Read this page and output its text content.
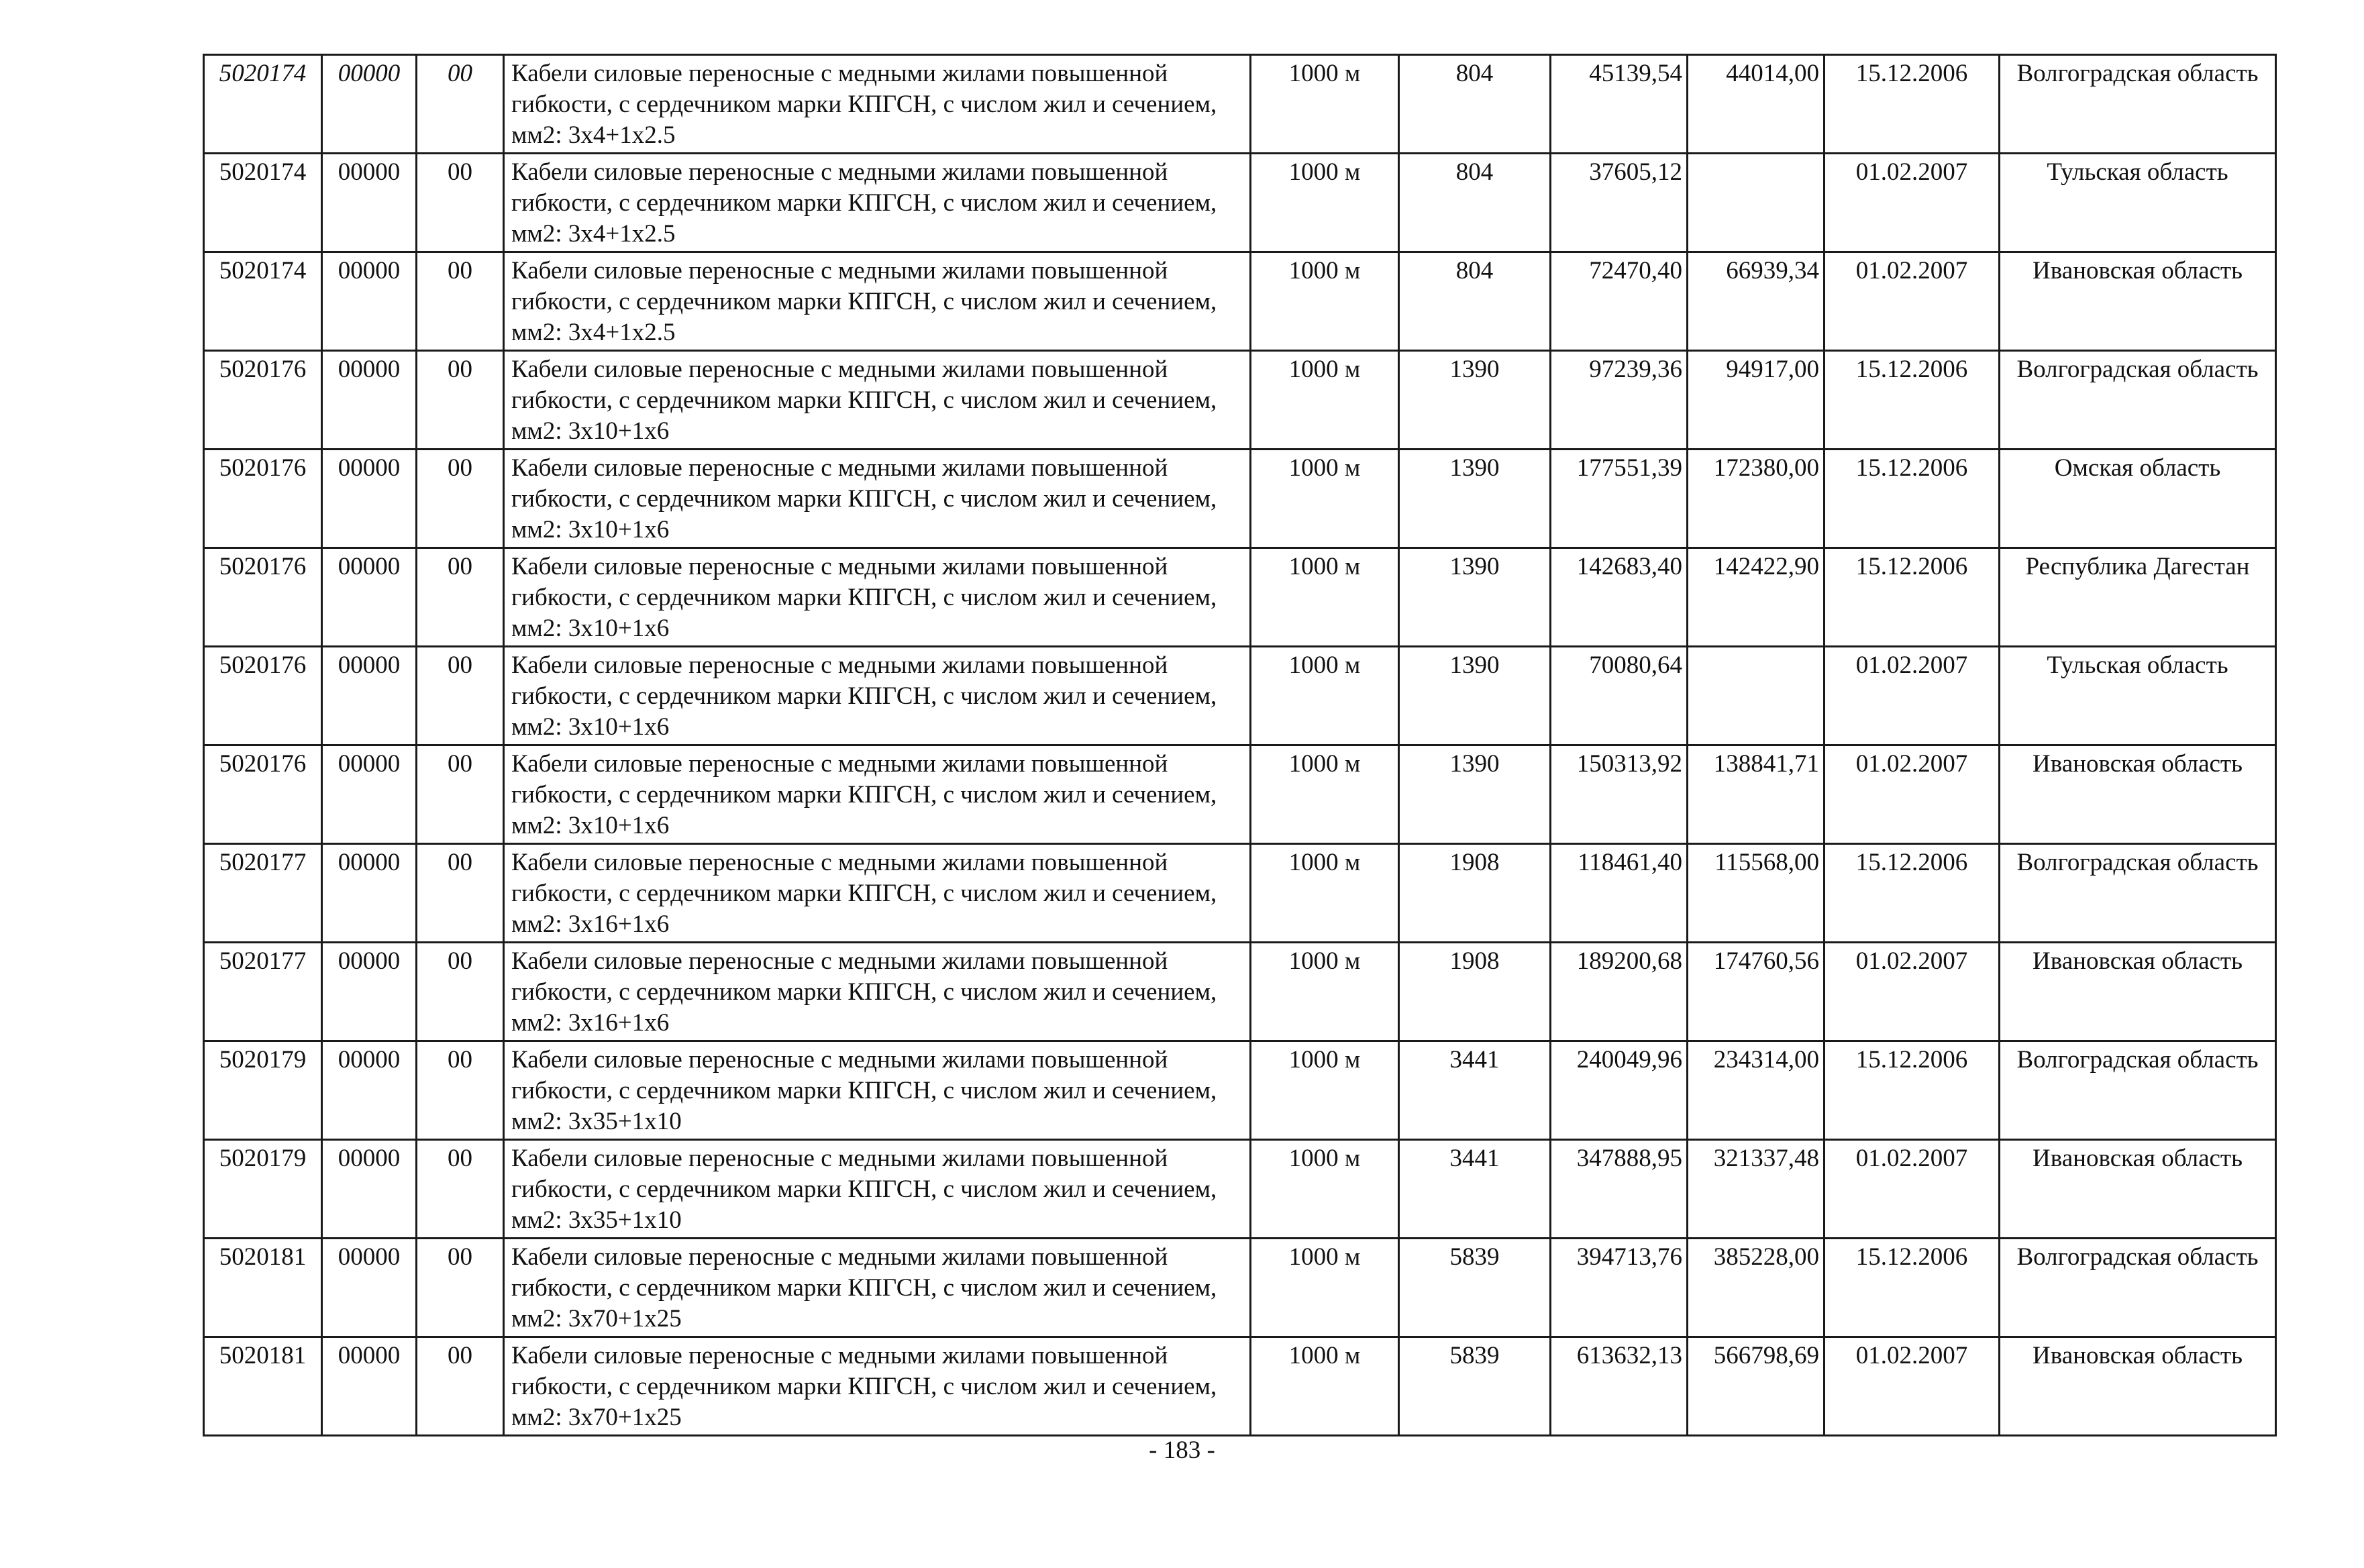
5020174	00000	00	Кабели силовые переносные с медными жилами повышенной гибкости, с сердечником марки КПГСН, с числом жил и сечением, мм2: 3х4+1х2.5	1000 м	804	45139,54	44014,00	15.12.2006	Волгоградская область
5020174	00000	00	Кабели силовые переносные с медными жилами повышенной гибкости, с сердечником марки КПГСН, с числом жил и сечением, мм2: 3х4+1х2.5	1000 м	804	37605,12		01.02.2007	Тульская область
5020174	00000	00	Кабели силовые переносные с медными жилами повышенной гибкости, с сердечником марки КПГСН, с числом жил и сечением, мм2: 3х4+1х2.5	1000 м	804	72470,40	66939,34	01.02.2007	Ивановская область
5020176	00000	00	Кабели силовые переносные с медными жилами повышенной гибкости, с сердечником марки КПГСН, с числом жил и сечением, мм2: 3х10+1х6	1000 м	1390	97239,36	94917,00	15.12.2006	Волгоградская область
5020176	00000	00	Кабели силовые переносные с медными жилами повышенной гибкости, с сердечником марки КПГСН, с числом жил и сечением, мм2: 3х10+1х6	1000 м	1390	177551,39	172380,00	15.12.2006	Омская область
5020176	00000	00	Кабели силовые переносные с медными жилами повышенной гибкости, с сердечником марки КПГСН, с числом жил и сечением, мм2: 3х10+1х6	1000 м	1390	142683,40	142422,90	15.12.2006	Республика Дагестан
5020176	00000	00	Кабели силовые переносные с медными жилами повышенной гибкости, с сердечником марки КПГСН, с числом жил и сечением, мм2: 3х10+1х6	1000 м	1390	70080,64		01.02.2007	Тульская область
5020176	00000	00	Кабели силовые переносные с медными жилами повышенной гибкости, с сердечником марки КПГСН, с числом жил и сечением, мм2: 3х10+1х6	1000 м	1390	150313,92	138841,71	01.02.2007	Ивановская область
5020177	00000	00	Кабели силовые переносные с медными жилами повышенной гибкости, с сердечником марки КПГСН, с числом жил и сечением, мм2: 3х16+1х6	1000 м	1908	118461,40	115568,00	15.12.2006	Волгоградская область
5020177	00000	00	Кабели силовые переносные с медными жилами повышенной гибкости, с сердечником марки КПГСН, с числом жил и сечением, мм2: 3х16+1х6	1000 м	1908	189200,68	174760,56	01.02.2007	Ивановская область
5020179	00000	00	Кабели силовые переносные с медными жилами повышенной гибкости, с сердечником марки КПГСН, с числом жил и сечением, мм2: 3х35+1х10	1000 м	3441	240049,96	234314,00	15.12.2006	Волгоградская область
5020179	00000	00	Кабели силовые переносные с медными жилами повышенной гибкости, с сердечником марки КПГСН, с числом жил и сечением, мм2: 3х35+1х10	1000 м	3441	347888,95	321337,48	01.02.2007	Ивановская область
5020181	00000	00	Кабели силовые переносные с медными жилами повышенной гибкости, с сердечником марки КПГСН, с числом жил и сечением, мм2: 3х70+1х25	1000 м	5839	394713,76	385228,00	15.12.2006	Волгоградская область
5020181	00000	00	Кабели силовые переносные с медными жилами повышенной гибкости, с сердечником марки КПГСН, с числом жил и сечением, мм2: 3х70+1х25	1000 м	5839	613632,13	566798,69	01.02.2007	Ивановская область
- 183 -
